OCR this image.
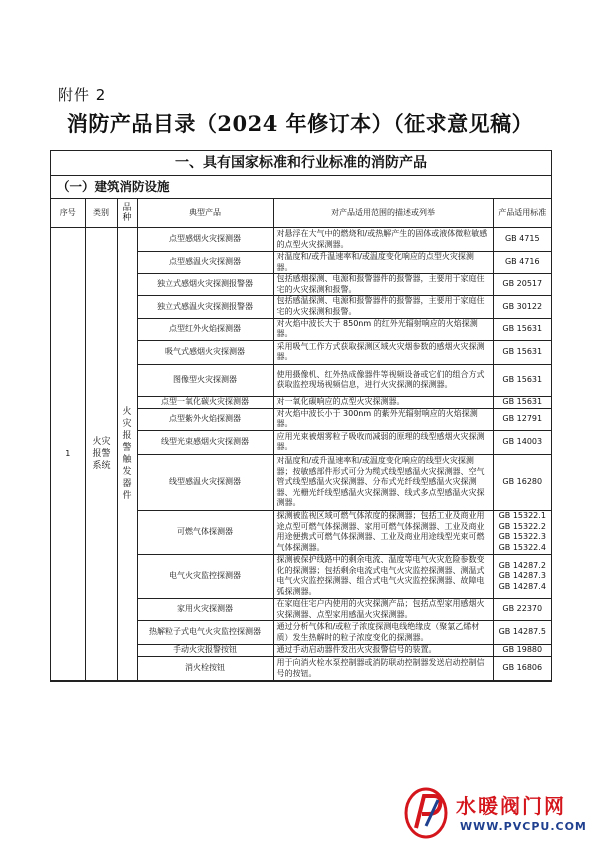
附件 2
消防产品目录（2024 年修订本）（征求意见稿）
一、具有国家标准和行业标准的消防产品
（一）建筑消防设施
序号	类别	品种	典型产品	对产品适用范围的描述或列举	产品适用标准
1	火灾报警系统	火灾报警触发器件	点型感烟火灾探测器	对悬浮在大气中的燃烧和/或热解产生的固体或液体微粒敏感的点型火灾探测器。	GB 4715
			点型感温火灾探测器	对温度和/或升温速率和/或温度变化响应的点型火灾探测器。	GB 4716
			独立式感烟火灾探测报警器	包括感烟探测、电源和报警器件的报警器，主要用于家庭住宅的火灾探测和报警。	GB 20517
			独立式感温火灾探测报警器	包括感温探测、电源和报警器件的报警器，主要用于家庭住宅的火灾探测和报警。	GB 30122
			点型红外火焰探测器	对火焰中波长大于 850nm 的红外光辐射响应的火焰探测器。	GB 15631
			吸气式感烟火灾探测器	采用吸气工作方式获取探测区域火灾烟参数的感烟火灾探测器。	GB 15631
			图像型火灾探测器	使用摄像机、红外热成像器件等视频设备或它们的组合方式获取监控现场视频信息，进行火灾探测的探测器。	GB 15631
			点型一氧化碳火灾探测器	对一氧化碳响应的点型火灾探测器。	GB 15631
			点型紫外火焰探测器	对火焰中波长小于 300nm 的紫外光辐射响应的火焰探测器。	GB 12791
			线型光束感烟火灾探测器	应用光束被烟雾粒子吸收而减弱的原理的线型感烟火灾探测器。	GB 14003
			线型感温火灾探测器	对温度和/或升温速率和/或温度变化响应的线型火灾探测器；按敏感部件形式可分为缆式线型感温火灾探测器、空气管式线型感温火灾探测器、分布式光纤线型感温火灾探测器、光栅光纤线型感温火灾探测器、线式多点型感温火灾探测器。	GB 16280
			可燃气体探测器	探测被监视区域可燃气体浓度的探测器；包括工业及商业用途点型可燃气体探测器、家用可燃气体探测器、工业及商业用途便携式可燃气体探测器、工业及商业用途线型光束可燃气体探测器。	GB 15322.1
GB 15322.2
GB 15322.3
GB 15322.4
			电气火灾监控探测器	探测被保护线路中的剩余电流、温度等电气火灾危险参数变化的探测器；包括剩余电流式电气火灾监控探测器、测温式电气火灾监控探测器、组合式电气火灾监控探测器、故障电弧探测器。	GB 14287.2
GB 14287.3
GB 14287.4
			家用火灾探测器	在家庭住宅户内使用的火灾探测产品；包括点型家用感烟火灾探测器、点型家用感温火灾探测器。	GB 22370
			热解粒子式电气火灾监控探测器	通过分析气体和/或粒子浓度探测电线绝缘皮（聚氯乙烯材质）发生热解时的粒子浓度变化的探测器。	GB 14287.5
			手动火灾报警按钮	通过手动启动器件发出火灾报警信号的装置。	GB 19880
			消火栓按钮	用于向消火栓水泵控制器或消防联动控制器发送启动控制信号的按钮。	GB 16806
水暖阀门网
WWW.PVCPU.COM
